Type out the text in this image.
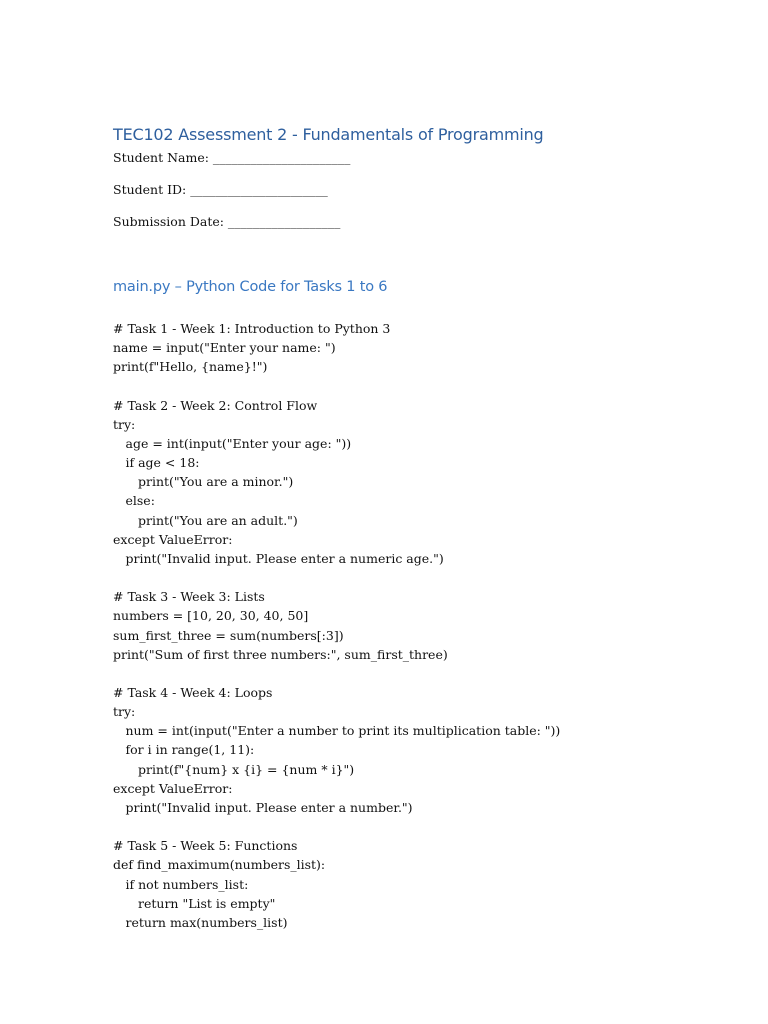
TEC102 Assessment 2 - Fundamentals of Programming
Student Name: ______________________
Student ID: ______________________
Submission Date: __________________
main.py – Python Code for Tasks 1 to 6
# Task 1 - Week 1: Introduction to Python 3
name = input("Enter your name: ")
print(f"Hello, {name}!")
# Task 2 - Week 2: Control Flow
try:
age = int(input("Enter your age: "))
if age < 18:
print("You are a minor.")
else:
print("You are an adult.")
except ValueError:
print("Invalid input. Please enter a numeric age.")
# Task 3 - Week 3: Lists
numbers = [10, 20, 30, 40, 50]
sum_first_three = sum(numbers[:3])
print("Sum of first three numbers:", sum_first_three)
# Task 4 - Week 4: Loops
try:
num = int(input("Enter a number to print its multiplication table: "))
for i in range(1, 11):
print(f"{num} x {i} = {num * i}")
except ValueError:
print("Invalid input. Please enter a number.")
# Task 5 - Week 5: Functions
def find_maximum(numbers_list):
if not numbers_list:
return "List is empty"
return max(numbers_list)
